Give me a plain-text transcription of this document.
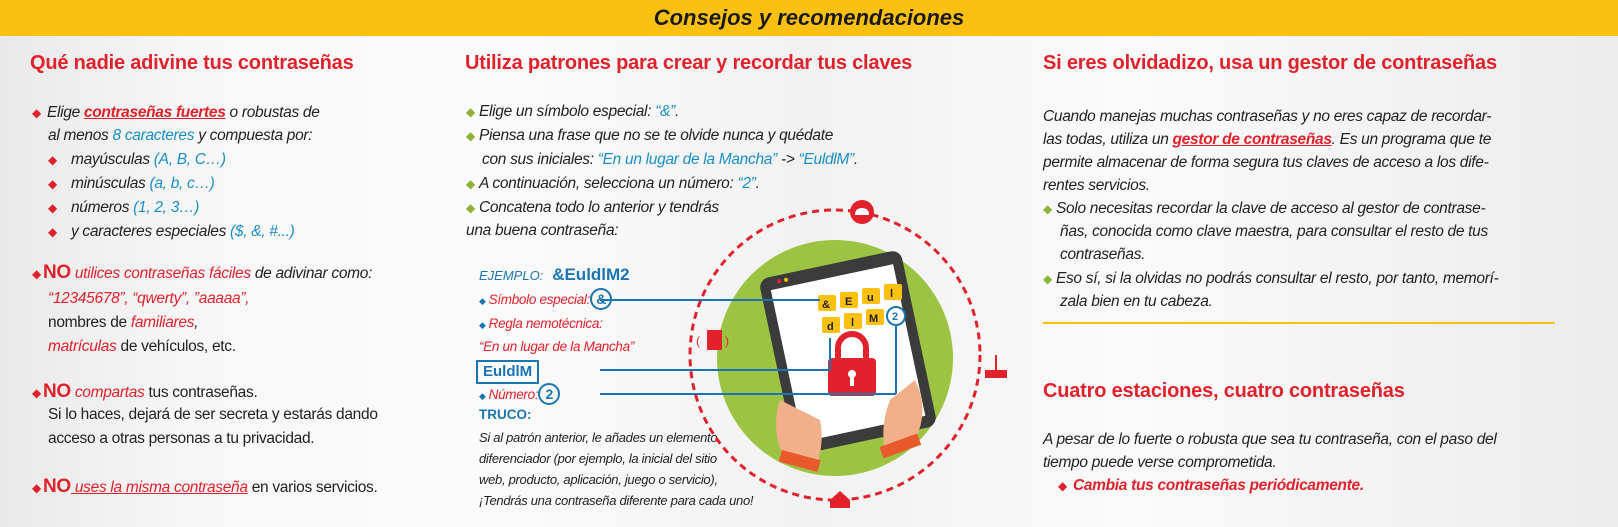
Consejos y recomendaciones
Qué nadie adivine tus contraseñas
◆ Elige contraseñas fuertes o robustas de
al menos 8 caracteres y compuesta por:
◆ mayúsculas (A, B, C…)
◆ minúsculas (a, b, c…)
◆ números (1, 2, 3…)
◆ y caracteres especiales ($, &, #...)
◆ NO utilices contraseñas fáciles de adivinar como:
“12345678”, “qwerty”, ”aaaaa”,
nombres de familiares,
matrículas de vehículos, etc.
◆ NO compartas tus contraseñas.
Si lo haces, dejará de ser secreta y estarás dando
acceso a otras personas a tu privacidad.
◆ NO uses la misma contraseña en varios servicios.
Utiliza patrones para crear y recordar tus claves
◆ Elige un símbolo especial: “&”.
◆ Piensa una frase que no se te olvide nunca y quédate
con sus iniciales: “En un lugar de la Mancha” -> “EuldlM”.
◆ A continuación, selecciona un número: “2”.
◆ Concatena todo lo anterior y tendrás
una buena contraseña:
EJEMPLO: &EuldlM2
◆ Símbolo especial: &
◆ Regla nemotécnica:
“En un lugar de la Mancha”
EuldlM
◆ Número: 2
TRUCO:
Si al patrón anterior, le añades un elemento
diferenciador (por ejemplo, la inicial del sitio
web, producto, aplicación, juego o servicio),
¡Tendrás una contraseña diferente para cada uno!
& E u l
d l M 2
( )
Si eres olvidadizo, usa un gestor de contraseñas
Cuando manejas muchas contraseñas y no eres capaz de recordar-
las todas, utiliza un gestor de contraseñas. Es un programa que te
permite almacenar de forma segura tus claves de acceso a los dife-
rentes servicios.
◆ Solo necesitas recordar la clave de acceso al gestor de contrase-
ñas, conocida como clave maestra, para consultar el resto de tus
contraseñas.
◆ Eso sí, si la olvidas no podrás consultar el resto, por tanto, memorí-
zala bien en tu cabeza.
Cuatro estaciones, cuatro contraseñas
A pesar de lo fuerte o robusta que sea tu contraseña, con el paso del
tiempo puede verse comprometida.
◆ Cambia tus contraseñas periódicamente.
